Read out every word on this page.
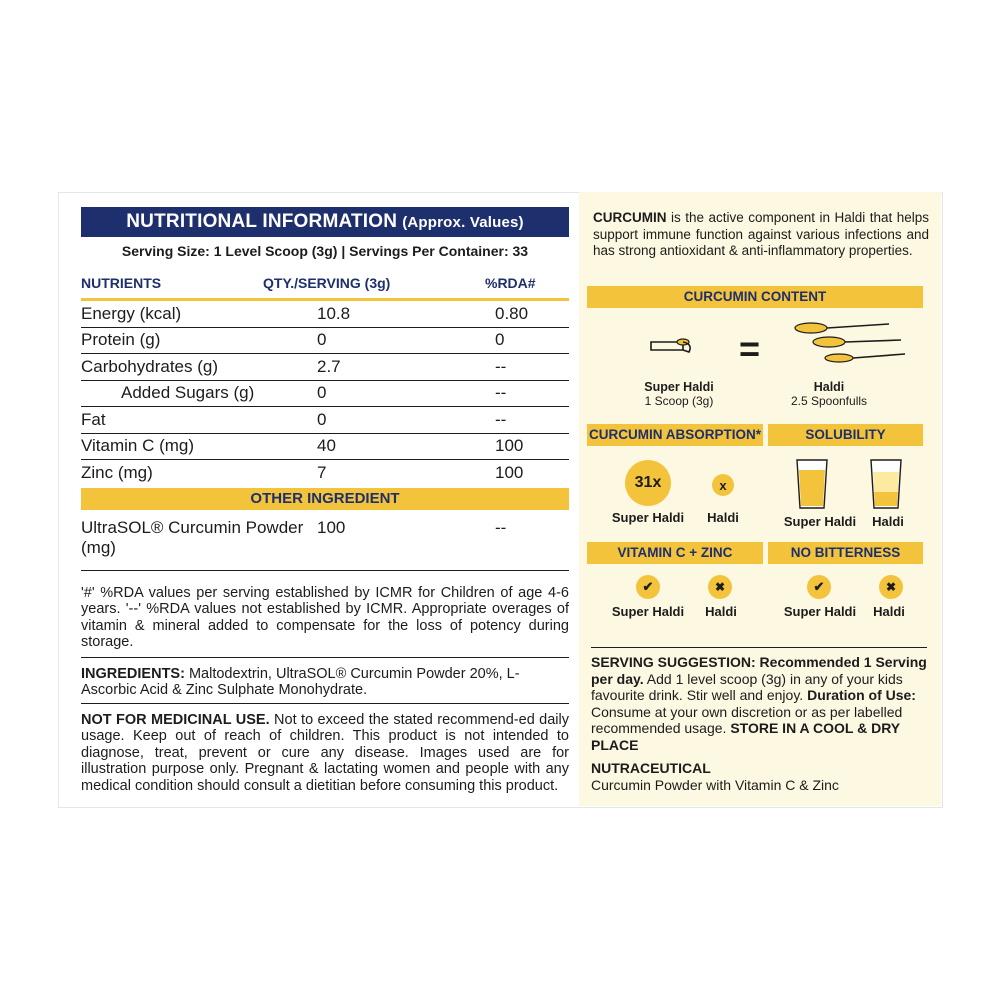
NUTRITIONAL INFORMATION (Approx. Values)
Serving Size: 1 Level Scoop (3g) | Servings Per Container: 33
NUTRIENTS	QTY./SERVING (3g)	%RDA#
Energy (kcal)	10.8	0.80
Protein (g)	0	0
Carbohydrates (g)	2.7	--
Added Sugars (g)	0	--
Fat	0	--
Vitamin C (mg)	40	100
Zinc (mg)	7	100
OTHER INGREDIENT
UltraSOL® Curcumin Powder (mg)
100	--
'#' %RDA values per serving established by ICMR for Children of age 4-6 years. '--' %RDA values not established by ICMR. Appropriate overages of vitamin & mineral added to compensate for the loss of potency during storage.
INGREDIENTS: Maltodextrin, UltraSOL® Curcumin Powder 20%, L-Ascorbic Acid & Zinc Sulphate Monohydrate.
NOT FOR MEDICINAL USE. Not to exceed the stated recommend-ed daily usage. Keep out of reach of children. This product is not intended to diagnose, treat, prevent or cure any disease. Images used are for illustration purpose only. Pregnant & lactating women and people with any medical condition should consult a dietitian before consuming this product.
CURCUMIN is the active component in Haldi that helps support immune function against various infections and has strong antioxidant & anti-inflammatory properties.
CURCUMIN CONTENT
=
Super Haldi
1 Scoop (3g)
Haldi
2.5 Spoonfulls
CURCUMIN ABSORPTION*	SOLUBILITY
31x	x
Super Haldi	Haldi	Super Haldi	Haldi
VITAMIN C + ZINC	NO BITTERNESS
✔	✖
Super Haldi	Haldi
✔	✖
Super Haldi	Haldi
SERVING SUGGESTION: Recommended 1 Serving per day. Add 1 level scoop (3g) in any of your kids favourite drink. Stir well and enjoy. Duration of Use: Consume at your own discretion or as per labelled recommended usage. STORE IN A COOL & DRY PLACE
NUTRACEUTICAL
Curcumin Powder with Vitamin C & Zinc
